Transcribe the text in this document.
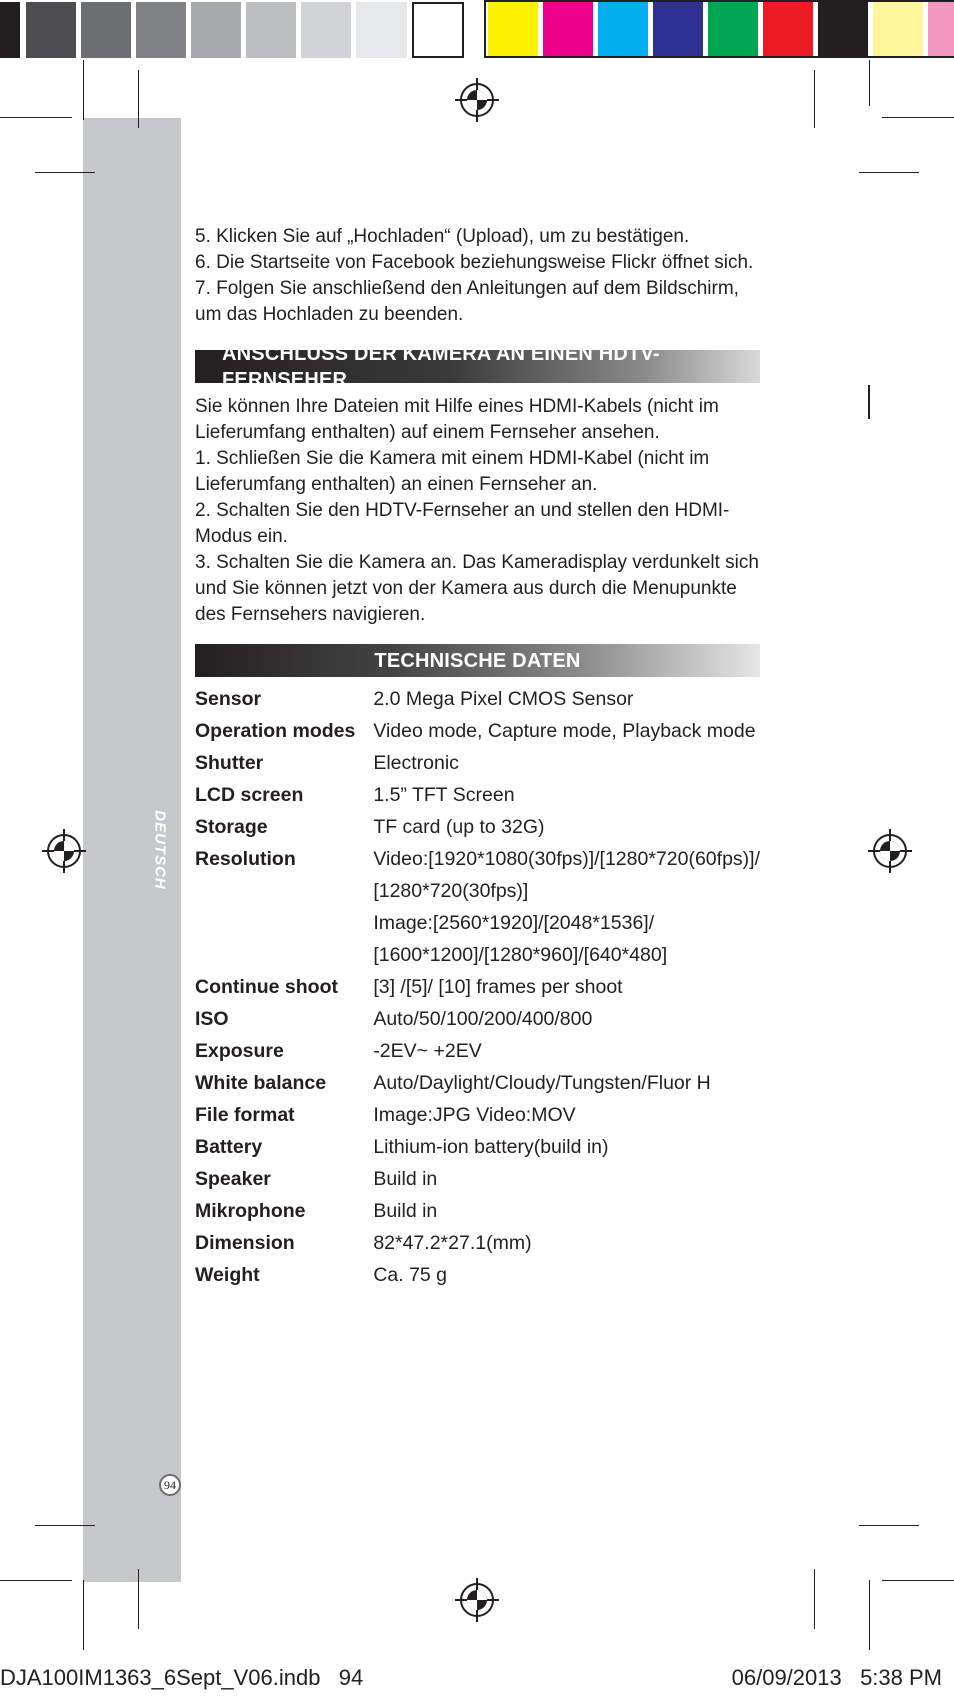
DEUTSCH
94

5. Klicken Sie auf „Hochladen“ (Upload), um zu bestätigen.

6. Die Startseite von Facebook beziehungsweise Flickr öffnet sich.

7. Folgen Sie anschließend den Anleitungen auf dem Bildschirm, um das Hochladen zu beenden.

ANSCHLUSS DER KAMERA AN EINEN HDTV-FERNSEHER

Sie können Ihre Dateien mit Hilfe eines HDMI-Kabels (nicht im Lieferumfang enthalten) auf einem Fernseher ansehen.

1. Schließen Sie die Kamera mit einem HDMI-Kabel (nicht im Lieferumfang enthalten) an einen Fernseher an.

2. Schalten Sie den HDTV-Fernseher an und stellen den HDMI-Modus ein.

3. Schalten Sie die Kamera an. Das Kameradisplay verdunkelt sich und Sie können jetzt von der Kamera aus durch die Menupunkte des Fernsehers navigieren.

TECHNISCHE DATEN
Sensor	2.0 Mega Pixel CMOS Sensor
Operation modes	Video mode, Capture mode, Playback mode
Shutter	Electronic
LCD screen	1.5” TFT Screen
Storage	TF card (up to 32G)
Resolution	Video:[1920*1080(30fps)]/[1280*720(60fps)]/
	[1280*720(30fps)]
	Image:[2560*1920]/[2048*1536]/
	[1600*1200]/[1280*960]/[640*480]
Continue shoot	[3] /[5]/ [10] frames per shoot
ISO	Auto/50/100/200/400/800
Exposure	-2EV~ +2EV
White balance	Auto/Daylight/Cloudy/Tungsten/Fluor H
File format	Image:JPG Video:MOV
Battery	Lithium-ion battery(build in)
Speaker	Build in
Mikrophone	Build in
Dimension	82*47.2*27.1(mm)
Weight	Ca. 75 g
DJA100IM1363_6Sept_V06.indb   94	06/09/2013   5:38 PM
